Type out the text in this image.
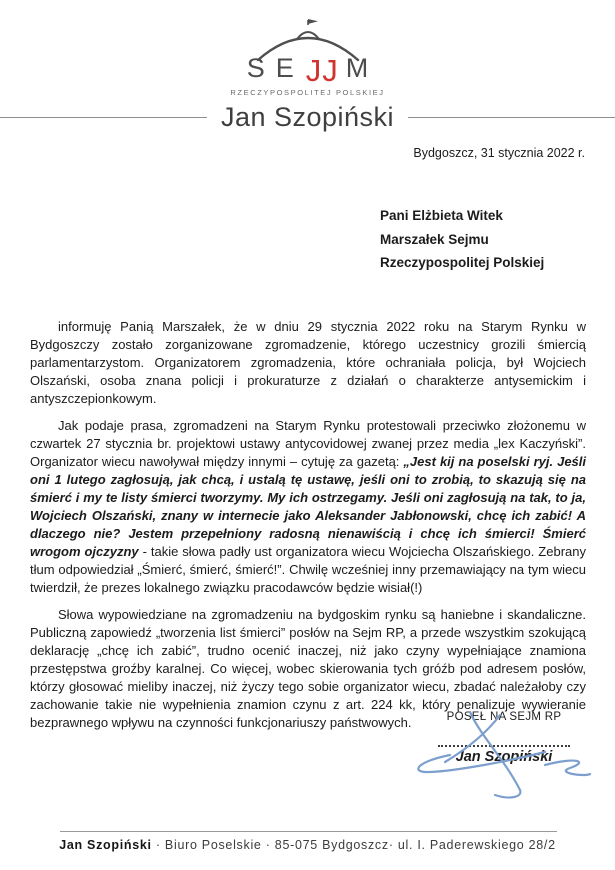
SE JJ M
RZECZYPOSPOLITEJ POLSKIEJ
Jan Szopiński
Bydgoszcz, 31 stycznia 2022 r.
Pani Elżbieta Witek
Marszałek Sejmu
Rzeczypospolitej Polskiej

informuję Panią Marszałek, że w dniu 29 stycznia 2022 roku na Starym Rynku w Bydgoszczy zostało zorganizowane zgromadzenie, którego uczestnicy grozili śmiercią parlamentarzystom. Organizatorem zgromadzenia, które ochraniała policja, był Wojciech Olszański, osoba znana policji i prokuraturze z działań o charakterze antysemickim i antyszczepionkowym.

Jak podaje prasa, zgromadzeni na Starym Rynku protestowali przeciwko złożonemu w czwartek 27 stycznia br. projektowi ustawy antycovidowej zwanej przez media „lex Kaczyński”. Organizator wiecu nawoływał między innymi – cytuję za gazetą: „Jest kij na poselski ryj. Jeśli oni 1 lutego zagłosują, jak chcą, i ustalą tę ustawę, jeśli oni to zrobią, to skazują się na śmierć i my te listy śmierci tworzymy. My ich ostrzegamy. Jeśli oni zagłosują na tak, to ja, Wojciech Olszański, znany w internecie jako Aleksander Jabłonowski, chcę ich zabić! A dlaczego nie? Jestem przepełniony radosną nienawiścią i chcę ich śmierci! Śmierć wrogom ojczyzny - takie słowa padły ust organizatora wiecu Wojciecha Olszańskiego. Zebrany tłum odpowiedział „Śmierć, śmierć, śmierć!”. Chwilę wcześniej inny przemawiający na tym wiecu twierdził, że prezes lokalnego związku pracodawców będzie wisiał(!)

Słowa wypowiedziane na zgromadzeniu na bydgoskim rynku są haniebne i skandaliczne. Publiczną zapowiedź „tworzenia list śmierci” posłów na Sejm RP, a przede wszystkim szokującą deklarację „chcę ich zabić”, trudno ocenić inaczej, niż jako czyny wypełniające znamiona przestępstwa groźby karalnej. Co więcej, wobec skierowania tych gróźb pod adresem posłów, którzy głosować mieliby inaczej, niż życzy tego sobie organizator wiecu, zbadać należałoby czy zachowanie takie nie wypełnienia znamion czynu z art. 224 kk, który penalizuje wywieranie bezprawnego wpływu na czynności funkcjonariuszy państwowych.	POSEŁ NA SEJM RP
Jan Szopiński
Jan Szopiński · Biuro Poselskie · 85-075 Bydgoszcz· ul. I. Paderewskiego 28/2
